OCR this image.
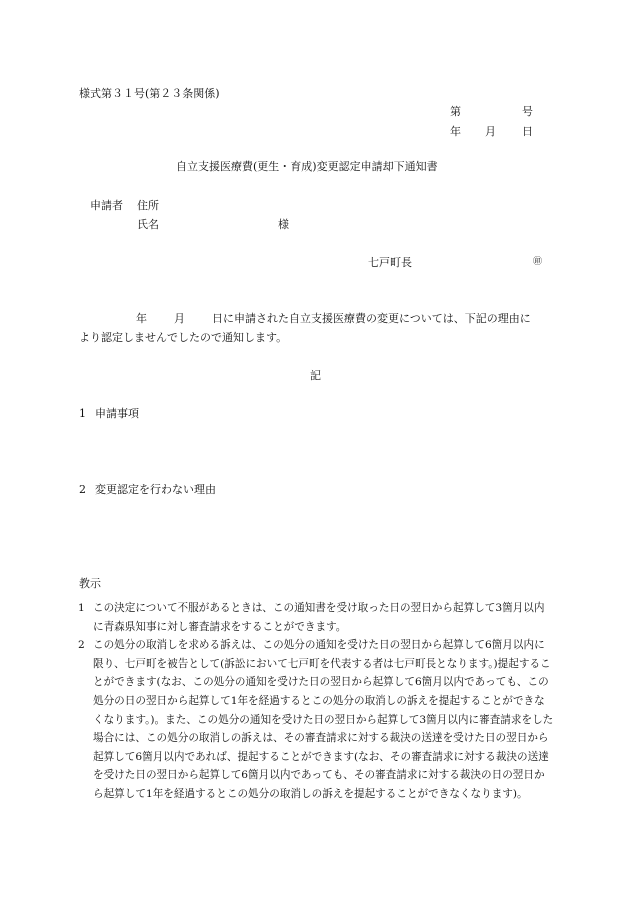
様式第３１号(第２３条関係)
第	号
年 月 日
自立支援医療費(更生・育成)変更認定申請却下通知書
申請者 住所
氏名	様
七戸町長	㊞
年 月 日に申請された自立支援医療費の変更については、下記の理由に
より認定しませんでしたので通知します。
記
1 申請事項
2 変更認定を行わない理由
教示
1 この決定について不服があるときは、この通知書を受け取った日の翌日から起算して3箇月以内に青森県知事に対し審査請求をすることができます。
2 この処分の取消しを求める訴えは、この処分の通知を受けた日の翌日から起算して6箇月以内に限り、七戸町を被告として(訴訟において七戸町を代表する者は七戸町長となります。)提起することができます(なお、この処分の通知を受けた日の翌日から起算して6箇月以内であっても、この処分の日の翌日から起算して1年を経過するとこの処分の取消しの訴えを提起することができなくなります。)。また、この処分の通知を受けた日の翌日から起算して3箇月以内に審査請求をした場合には、この処分の取消しの訴えは、その審査請求に対する裁決の送達を受けた日の翌日から起算して6箇月以内であれば、提起することができます(なお、その審査請求に対する裁決の送達を受けた日の翌日から起算して6箇月以内であっても、その審査請求に対する裁決の日の翌日から起算して1年を経過するとこの処分の取消しの訴えを提起することができなくなります)。
